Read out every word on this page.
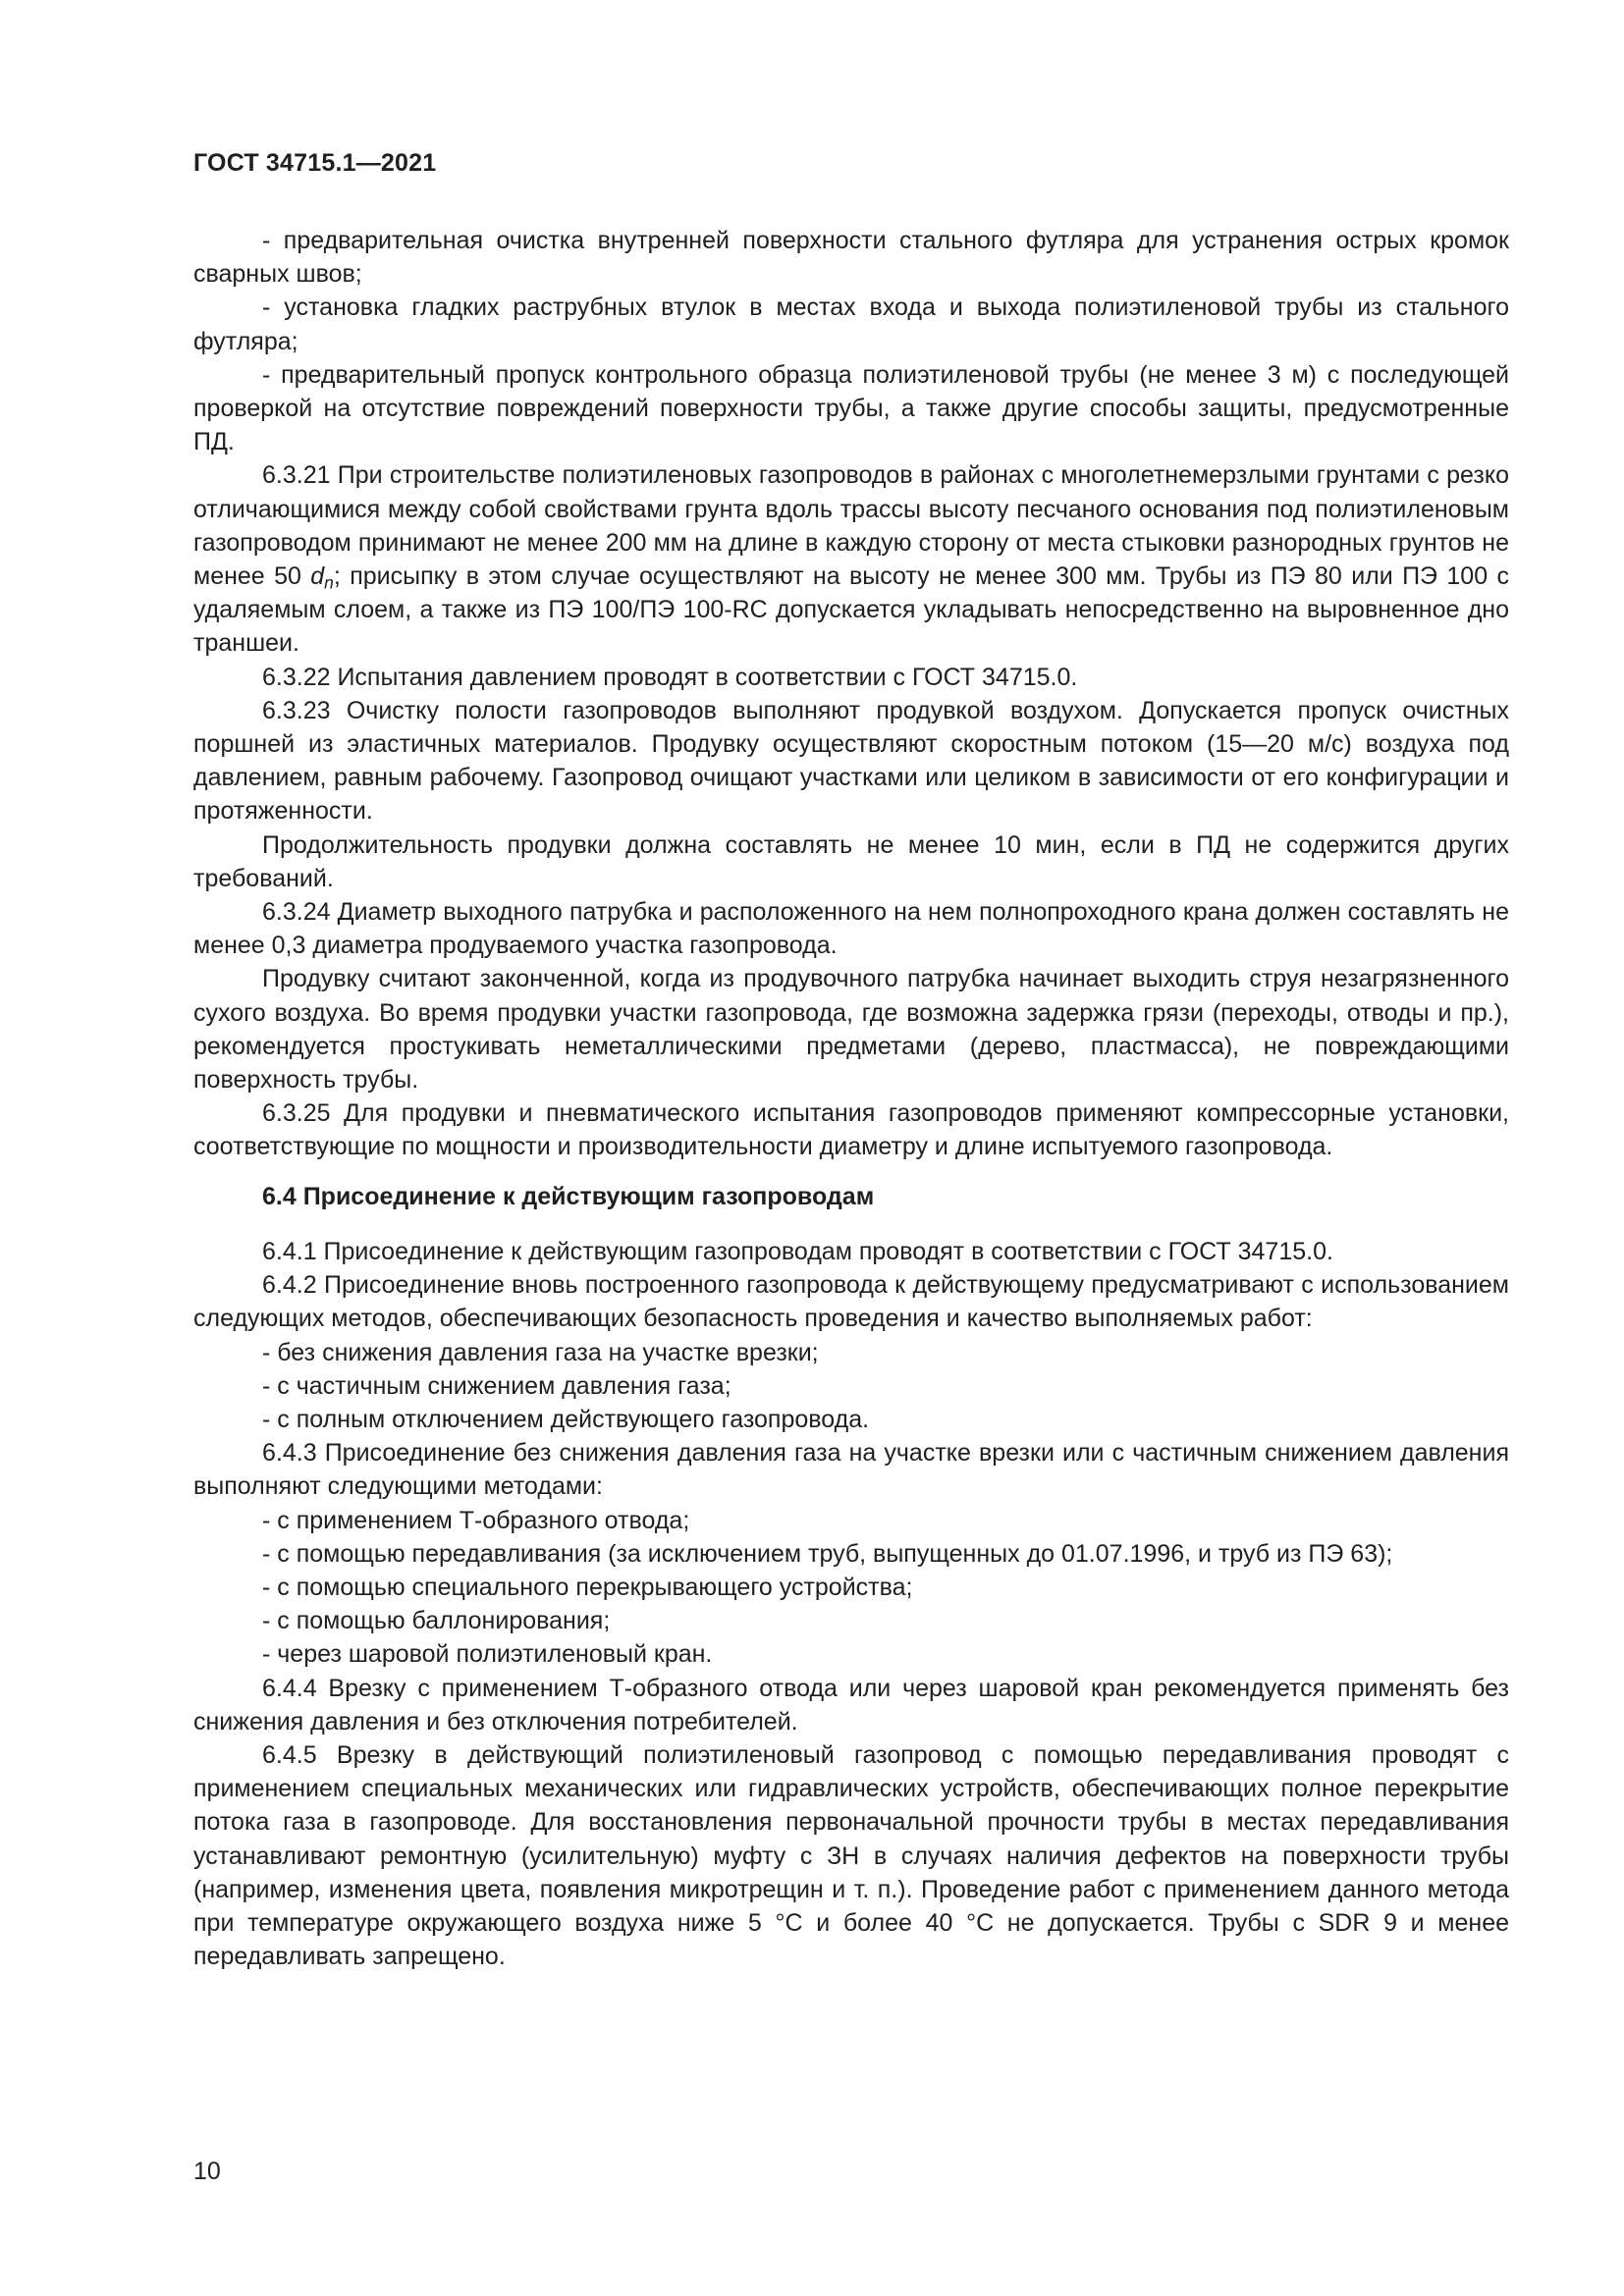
ГОСТ 34715.1—2021

- предварительная очистка внутренней поверхности стального футляра для устранения острых кромок сварных швов;

- установка гладких раструбных втулок в местах входа и выхода полиэтиленовой трубы из стального футляра;

- предварительный пропуск контрольного образца полиэтиленовой трубы (не менее 3 м) с последующей проверкой на отсутствие повреждений поверхности трубы, а также другие способы защиты, предусмотренные ПД.

6.3.21 При строительстве полиэтиленовых газопроводов в районах с многолетнемерзлыми грунтами с резко отличающимися между собой свойствами грунта вдоль трассы высоту песчаного основания под полиэтиленовым газопроводом принимают не менее 200 мм на длине в каждую сторону от места стыковки разнородных грунтов не менее 50 $d_n$; присыпку в этом случае осуществляют на высоту не менее 300 мм. Трубы из ПЭ 80 или ПЭ 100 с удаляемым слоем, а также из ПЭ 100/ПЭ 100-RC допускается укладывать непосредственно на выровненное дно траншеи.

6.3.22 Испытания давлением проводят в соответствии с ГОСТ 34715.0.

6.3.23 Очистку полости газопроводов выполняют продувкой воздухом. Допускается пропуск очистных поршней из эластичных материалов. Продувку осуществляют скоростным потоком (15—20 м/с) воздуха под давлением, равным рабочему. Газопровод очищают участками или целиком в зависимости от его конфигурации и протяженности.

Продолжительность продувки должна составлять не менее 10 мин, если в ПД не содержится других требований.

6.3.24 Диаметр выходного патрубка и расположенного на нем полнопроходного крана должен составлять не менее 0,3 диаметра продуваемого участка газопровода.

Продувку считают законченной, когда из продувочного патрубка начинает выходить струя незагрязненного сухого воздуха. Во время продувки участки газопровода, где возможна задержка грязи (переходы, отводы и пр.), рекомендуется простукивать неметаллическими предметами (дерево, пластмасса), не повреждающими поверхность трубы.

6.3.25 Для продувки и пневматического испытания газопроводов применяют компрессорные установки, соответствующие по мощности и производительности диаметру и длине испытуемого газопровода.

6.4 Присоединение к действующим газопроводам

6.4.1 Присоединение к действующим газопроводам проводят в соответствии с ГОСТ 34715.0.

6.4.2 Присоединение вновь построенного газопровода к действующему предусматривают с использованием следующих методов, обеспечивающих безопасность проведения и качество выполняемых работ:

- без снижения давления газа на участке врезки;

- с частичным снижением давления газа;

- с полным отключением действующего газопровода.

6.4.3 Присоединение без снижения давления газа на участке врезки или с частичным снижением давления выполняют следующими методами:

- с применением Т-образного отвода;

- с помощью передавливания (за исключением труб, выпущенных до 01.07.1996, и труб из ПЭ 63);

- с помощью специального перекрывающего устройства;

- с помощью баллонирования;

- через шаровой полиэтиленовый кран.

6.4.4 Врезку с применением Т-образного отвода или через шаровой кран рекомендуется применять без снижения давления и без отключения потребителей.

6.4.5 Врезку в действующий полиэтиленовый газопровод с помощью передавливания проводят с применением специальных механических или гидравлических устройств, обеспечивающих полное перекрытие потока газа в газопроводе. Для восстановления первоначальной прочности трубы в местах передавливания устанавливают ремонтную (усилительную) муфту с ЗН в случаях наличия дефектов на поверхности трубы (например, изменения цвета, появления микротрещин и т. п.). Проведение работ с применением данного метода при температуре окружающего воздуха ниже 5 °С и более 40 °С не допускается. Трубы с SDR 9 и менее передавливать запрещено.

10
